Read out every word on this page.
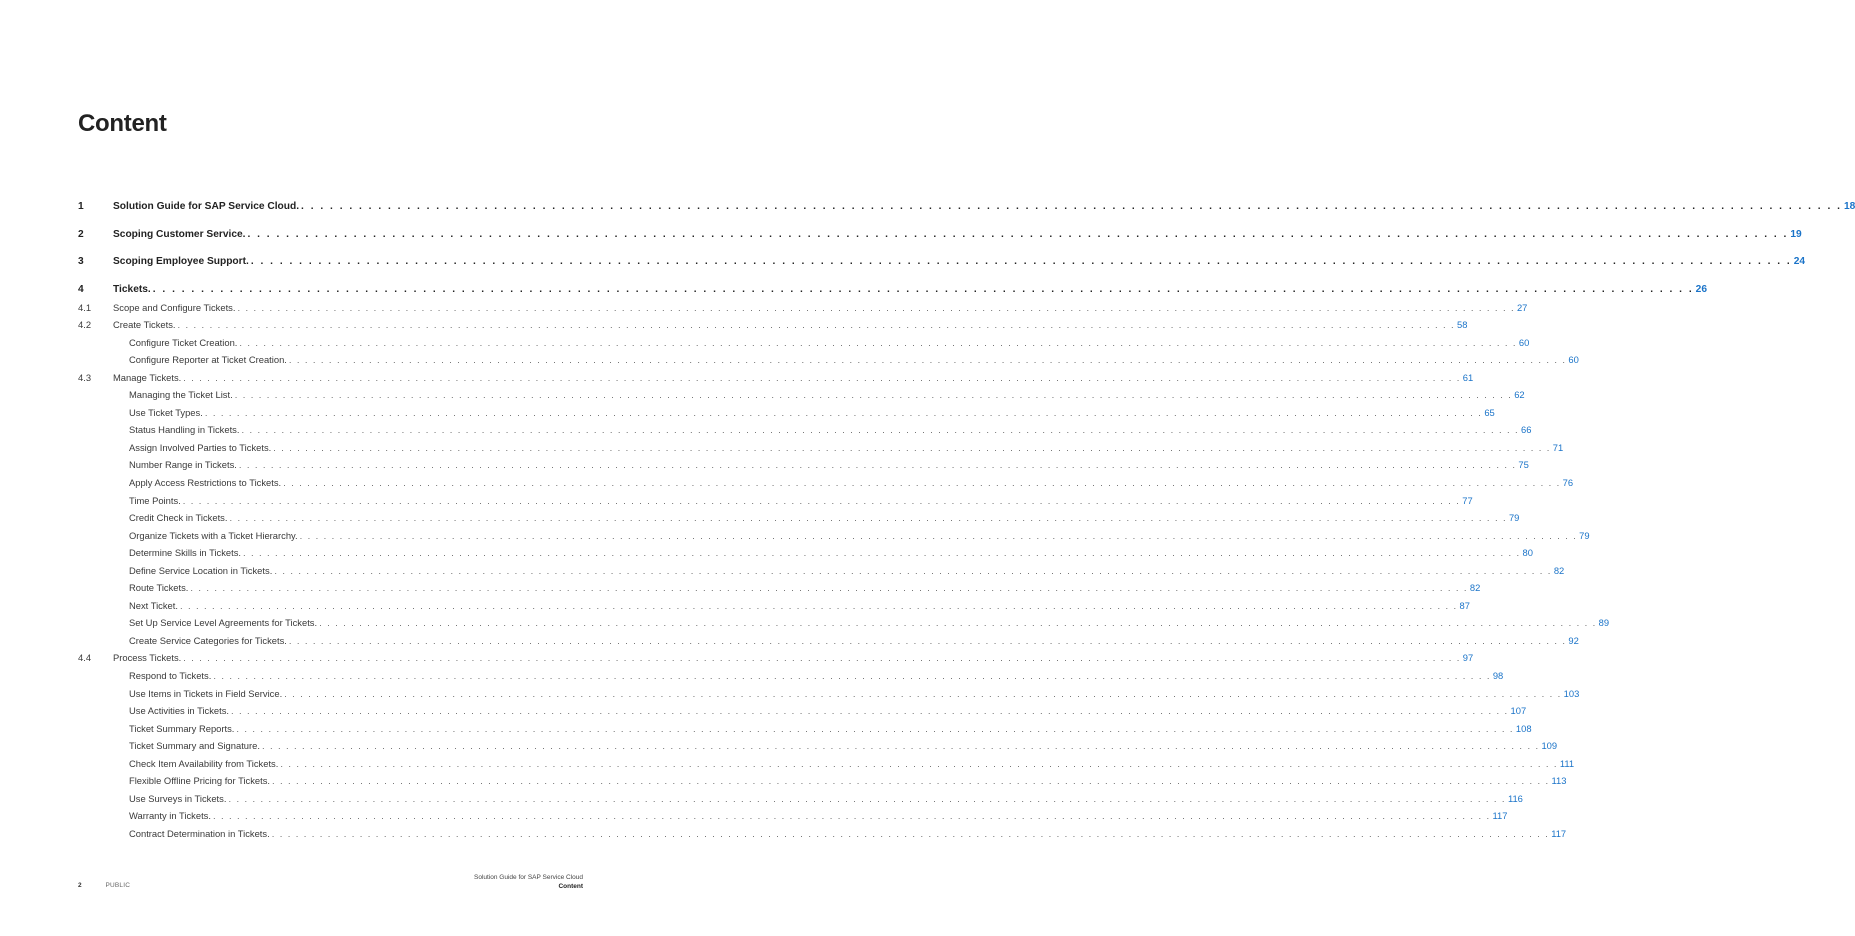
Content
1	Solution Guide for SAP Service Cloud. . . . . . . . . . . . . . . . . . . . . . . . . . . . . . . . . . . . . . . . . . . . . . . . . . . . . . . . . . . . . . . . . . . . . . . . . . . . . . . . . . . . . . . . . . . . . . . . . . . . . . . . . . . . . . . . . . . . . . . . . . . . . . . . . . . . . . . . . . . . . . . . . . . . . . . . . . . . . . . . . 18
2	Scoping Customer Service. . . . . . . . . . . . . . . . . . . . . . . . . . . . . . . . . . . . . . . . . . . . . . . . . . . . . . . . . . . . . . . . . . . . . . . . . . . . . . . . . . . . . . . . . . . . . . . . . . . . . . . . . . . . . . . . . . . . . . . . . . . . . . . . . . . . . . . . . . . . . . . . . . . . . . . . . . . . . . . . . 19
3	Scoping Employee Support. . . . . . . . . . . . . . . . . . . . . . . . . . . . . . . . . . . . . . . . . . . . . . . . . . . . . . . . . . . . . . . . . . . . . . . . . . . . . . . . . . . . . . . . . . . . . . . . . . . . . . . . . . . . . . . . . . . . . . . . . . . . . . . . . . . . . . . . . . . . . . . . . . . . . . . . . . . . . . . . . 24
4	Tickets. . . . . . . . . . . . . . . . . . . . . . . . . . . . . . . . . . . . . . . . . . . . . . . . . . . . . . . . . . . . . . . . . . . . . . . . . . . . . . . . . . . . . . . . . . . . . . . . . . . . . . . . . . . . . . . . . . . . . . . . . . . . . . . . . . . . . . . . . . . . . . . . . . . . . . . . . . . . . . . . . 26
4.1 Scope and Configure Tickets. . . . . . . . . . . . . . . . . . . . . . . . . . . . . . . . . . . . . . . . . . . . . . . . . . . . . . . . . . . . . . . . . . . . . . . . . . . . . . . . . . . . . . . . . . . . . . . . . . . . . . . . . . . . . . . . . . . . . . . . . . . . . . . . . . . . . . . . . . . . . . . . . . . . . . . . . . . . . . . . . 27
4.2 Create Tickets. . . . . . . . . . . . . . . . . . . . . . . . . . . . . . . . . . . . . . . . . . . . . . . . . . . . . . . . . . . . . . . . . . . . . . . . . . . . . . . . . . . . . . . . . . . . . . . . . . . . . . . . . . . . . . . . . . . . . . . . . . . . . . . . . . . . . . . . . . . . . . . . . . . . . . . . . . . . . . . . . 58
Configure Ticket Creation. . . . . . . . . . . . . . . . . . . . . . . . . . . . . . . . . . . . . . . . . . . . . . . . . . . . . . . . . . . . . . . . . . . . . . . . . . . . . . . . . . . . . . . . . . . . . . . . . . . . . . . . . . . . . . . . . . . . . . . . . . . . . . . . . . . . . . . . . . . . . . . . . . . . . . . . . . . . . . . . . 60
Configure Reporter at Ticket Creation. . . . . . . . . . . . . . . . . . . . . . . . . . . . . . . . . . . . . . . . . . . . . . . . . . . . . . . . . . . . . . . . . . . . . . . . . . . . . . . . . . . . . . . . . . . . . . . . . . . . . . . . . . . . . . . . . . . . . . . . . . . . . . . . . . . . . . . . . . . . . . . . . . . . . . . . . . . . . . . . . 60
4.3 Manage Tickets. . . . . . . . . . . . . . . . . . . . . . . . . . . . . . . . . . . . . . . . . . . . . . . . . . . . . . . . . . . . . . . . . . . . . . . . . . . . . . . . . . . . . . . . . . . . . . . . . . . . . . . . . . . . . . . . . . . . . . . . . . . . . . . . . . . . . . . . . . . . . . . . . . . . . . . . . . . . . . . . . 61
Managing the Ticket List. . . . . . . . . . . . . . . . . . . . . . . . . . . . . . . . . . . . . . . . . . . . . . . . . . . . . . . . . . . . . . . . . . . . . . . . . . . . . . . . . . . . . . . . . . . . . . . . . . . . . . . . . . . . . . . . . . . . . . . . . . . . . . . . . . . . . . . . . . . . . . . . . . . . . . . . . . . . . . . . . 62
Use Ticket Types. . . . . . . . . . . . . . . . . . . . . . . . . . . . . . . . . . . . . . . . . . . . . . . . . . . . . . . . . . . . . . . . . . . . . . . . . . . . . . . . . . . . . . . . . . . . . . . . . . . . . . . . . . . . . . . . . . . . . . . . . . . . . . . . . . . . . . . . . . . . . . . . . . . . . . . . . . . . . . . . . 65
Status Handling in Tickets. . . . . . . . . . . . . . . . . . . . . . . . . . . . . . . . . . . . . . . . . . . . . . . . . . . . . . . . . . . . . . . . . . . . . . . . . . . . . . . . . . . . . . . . . . . . . . . . . . . . . . . . . . . . . . . . . . . . . . . . . . . . . . . . . . . . . . . . . . . . . . . . . . . . . . . . . . . . . . . . . 66
Assign Involved Parties to Tickets. . . . . . . . . . . . . . . . . . . . . . . . . . . . . . . . . . . . . . . . . . . . . . . . . . . . . . . . . . . . . . . . . . . . . . . . . . . . . . . . . . . . . . . . . . . . . . . . . . . . . . . . . . . . . . . . . . . . . . . . . . . . . . . . . . . . . . . . . . . . . . . . . . . . . . . . . . . . . . . . . 71
Number Range in Tickets. . . . . . . . . . . . . . . . . . . . . . . . . . . . . . . . . . . . . . . . . . . . . . . . . . . . . . . . . . . . . . . . . . . . . . . . . . . . . . . . . . . . . . . . . . . . . . . . . . . . . . . . . . . . . . . . . . . . . . . . . . . . . . . . . . . . . . . . . . . . . . . . . . . . . . . . . . . . . . . . . 75
Apply Access Restrictions to Tickets. . . . . . . . . . . . . . . . . . . . . . . . . . . . . . . . . . . . . . . . . . . . . . . . . . . . . . . . . . . . . . . . . . . . . . . . . . . . . . . . . . . . . . . . . . . . . . . . . . . . . . . . . . . . . . . . . . . . . . . . . . . . . . . . . . . . . . . . . . . . . . . . . . . . . . . . . . . . . . . . . 76
Time Points. . . . . . . . . . . . . . . . . . . . . . . . . . . . . . . . . . . . . . . . . . . . . . . . . . . . . . . . . . . . . . . . . . . . . . . . . . . . . . . . . . . . . . . . . . . . . . . . . . . . . . . . . . . . . . . . . . . . . . . . . . . . . . . . . . . . . . . . . . . . . . . . . . . . . . . . . . . . . . . . . 77
Credit Check in Tickets. . . . . . . . . . . . . . . . . . . . . . . . . . . . . . . . . . . . . . . . . . . . . . . . . . . . . . . . . . . . . . . . . . . . . . . . . . . . . . . . . . . . . . . . . . . . . . . . . . . . . . . . . . . . . . . . . . . . . . . . . . . . . . . . . . . . . . . . . . . . . . . . . . . . . . . . . . . . . . . . . 79
Organize Tickets with a Ticket Hierarchy. . . . . . . . . . . . . . . . . . . . . . . . . . . . . . . . . . . . . . . . . . . . . . . . . . . . . . . . . . . . . . . . . . . . . . . . . . . . . . . . . . . . . . . . . . . . . . . . . . . . . . . . . . . . . . . . . . . . . . . . . . . . . . . . . . . . . . . . . . . . . . . . . . . . . . . . . . . . . . . . . 79
Determine Skills in Tickets. . . . . . . . . . . . . . . . . . . . . . . . . . . . . . . . . . . . . . . . . . . . . . . . . . . . . . . . . . . . . . . . . . . . . . . . . . . . . . . . . . . . . . . . . . . . . . . . . . . . . . . . . . . . . . . . . . . . . . . . . . . . . . . . . . . . . . . . . . . . . . . . . . . . . . . . . . . . . . . . . 80
Define Service Location in Tickets. . . . . . . . . . . . . . . . . . . . . . . . . . . . . . . . . . . . . . . . . . . . . . . . . . . . . . . . . . . . . . . . . . . . . . . . . . . . . . . . . . . . . . . . . . . . . . . . . . . . . . . . . . . . . . . . . . . . . . . . . . . . . . . . . . . . . . . . . . . . . . . . . . . . . . . . . . . . . . . . . 82
Route Tickets. . . . . . . . . . . . . . . . . . . . . . . . . . . . . . . . . . . . . . . . . . . . . . . . . . . . . . . . . . . . . . . . . . . . . . . . . . . . . . . . . . . . . . . . . . . . . . . . . . . . . . . . . . . . . . . . . . . . . . . . . . . . . . . . . . . . . . . . . . . . . . . . . . . . . . . . . . . . . . . . . 82
Next Ticket. . . . . . . . . . . . . . . . . . . . . . . . . . . . . . . . . . . . . . . . . . . . . . . . . . . . . . . . . . . . . . . . . . . . . . . . . . . . . . . . . . . . . . . . . . . . . . . . . . . . . . . . . . . . . . . . . . . . . . . . . . . . . . . . . . . . . . . . . . . . . . . . . . . . . . . . . . . . . . . . . 87
Set Up Service Level Agreements for Tickets. . . . . . . . . . . . . . . . . . . . . . . . . . . . . . . . . . . . . . . . . . . . . . . . . . . . . . . . . . . . . . . . . . . . . . . . . . . . . . . . . . . . . . . . . . . . . . . . . . . . . . . . . . . . . . . . . . . . . . . . . . . . . . . . . . . . . . . . . . . . . . . . . . . . . . . . . . . . . . . . . 89
Create Service Categories for Tickets. . . . . . . . . . . . . . . . . . . . . . . . . . . . . . . . . . . . . . . . . . . . . . . . . . . . . . . . . . . . . . . . . . . . . . . . . . . . . . . . . . . . . . . . . . . . . . . . . . . . . . . . . . . . . . . . . . . . . . . . . . . . . . . . . . . . . . . . . . . . . . . . . . . . . . . . . . . . . . . . . 92
4.4 Process Tickets. . . . . . . . . . . . . . . . . . . . . . . . . . . . . . . . . . . . . . . . . . . . . . . . . . . . . . . . . . . . . . . . . . . . . . . . . . . . . . . . . . . . . . . . . . . . . . . . . . . . . . . . . . . . . . . . . . . . . . . . . . . . . . . . . . . . . . . . . . . . . . . . . . . . . . . . . . . . . . . . . 97
Respond to Tickets. . . . . . . . . . . . . . . . . . . . . . . . . . . . . . . . . . . . . . . . . . . . . . . . . . . . . . . . . . . . . . . . . . . . . . . . . . . . . . . . . . . . . . . . . . . . . . . . . . . . . . . . . . . . . . . . . . . . . . . . . . . . . . . . . . . . . . . . . . . . . . . . . . . . . . . . . . . . . . . . . 98
Use Items in Tickets in Field Service. . . . . . . . . . . . . . . . . . . . . . . . . . . . . . . . . . . . . . . . . . . . . . . . . . . . . . . . . . . . . . . . . . . . . . . . . . . . . . . . . . . . . . . . . . . . . . . . . . . . . . . . . . . . . . . . . . . . . . . . . . . . . . . . . . . . . . . . . . . . . . . . . . . . . . . . . . . . . . . . . 103
Use Activities in Tickets. . . . . . . . . . . . . . . . . . . . . . . . . . . . . . . . . . . . . . . . . . . . . . . . . . . . . . . . . . . . . . . . . . . . . . . . . . . . . . . . . . . . . . . . . . . . . . . . . . . . . . . . . . . . . . . . . . . . . . . . . . . . . . . . . . . . . . . . . . . . . . . . . . . . . . . . . . . . . . . . . 107
Ticket Summary Reports. . . . . . . . . . . . . . . . . . . . . . . . . . . . . . . . . . . . . . . . . . . . . . . . . . . . . . . . . . . . . . . . . . . . . . . . . . . . . . . . . . . . . . . . . . . . . . . . . . . . . . . . . . . . . . . . . . . . . . . . . . . . . . . . . . . . . . . . . . . . . . . . . . . . . . . . . . . . . . . . . 108
Ticket Summary and Signature. . . . . . . . . . . . . . . . . . . . . . . . . . . . . . . . . . . . . . . . . . . . . . . . . . . . . . . . . . . . . . . . . . . . . . . . . . . . . . . . . . . . . . . . . . . . . . . . . . . . . . . . . . . . . . . . . . . . . . . . . . . . . . . . . . . . . . . . . . . . . . . . . . . . . . . . . . . . . . . . . 109
Check Item Availability from Tickets. . . . . . . . . . . . . . . . . . . . . . . . . . . . . . . . . . . . . . . . . . . . . . . . . . . . . . . . . . . . . . . . . . . . . . . . . . . . . . . . . . . . . . . . . . . . . . . . . . . . . . . . . . . . . . . . . . . . . . . . . . . . . . . . . . . . . . . . . . . . . . . . . . . . . . . . . . . . . . . . . 111
Flexible Offline Pricing for Tickets. . . . . . . . . . . . . . . . . . . . . . . . . . . . . . . . . . . . . . . . . . . . . . . . . . . . . . . . . . . . . . . . . . . . . . . . . . . . . . . . . . . . . . . . . . . . . . . . . . . . . . . . . . . . . . . . . . . . . . . . . . . . . . . . . . . . . . . . . . . . . . . . . . . . . . . . . . . . . . . . . 113
Use Surveys in Tickets. . . . . . . . . . . . . . . . . . . . . . . . . . . . . . . . . . . . . . . . . . . . . . . . . . . . . . . . . . . . . . . . . . . . . . . . . . . . . . . . . . . . . . . . . . . . . . . . . . . . . . . . . . . . . . . . . . . . . . . . . . . . . . . . . . . . . . . . . . . . . . . . . . . . . . . . . . . . . . . . . 116
Warranty in Tickets. . . . . . . . . . . . . . . . . . . . . . . . . . . . . . . . . . . . . . . . . . . . . . . . . . . . . . . . . . . . . . . . . . . . . . . . . . . . . . . . . . . . . . . . . . . . . . . . . . . . . . . . . . . . . . . . . . . . . . . . . . . . . . . . . . . . . . . . . . . . . . . . . . . . . . . . . . . . . . . . . 117
Contract Determination in Tickets. . . . . . . . . . . . . . . . . . . . . . . . . . . . . . . . . . . . . . . . . . . . . . . . . . . . . . . . . . . . . . . . . . . . . . . . . . . . . . . . . . . . . . . . . . . . . . . . . . . . . . . . . . . . . . . . . . . . . . . . . . . . . . . . . . . . . . . . . . . . . . . . . . . . . . . . . . . . . . . . . 117
2	PUBLIC
Solution Guide for SAP Service Cloud
Content
